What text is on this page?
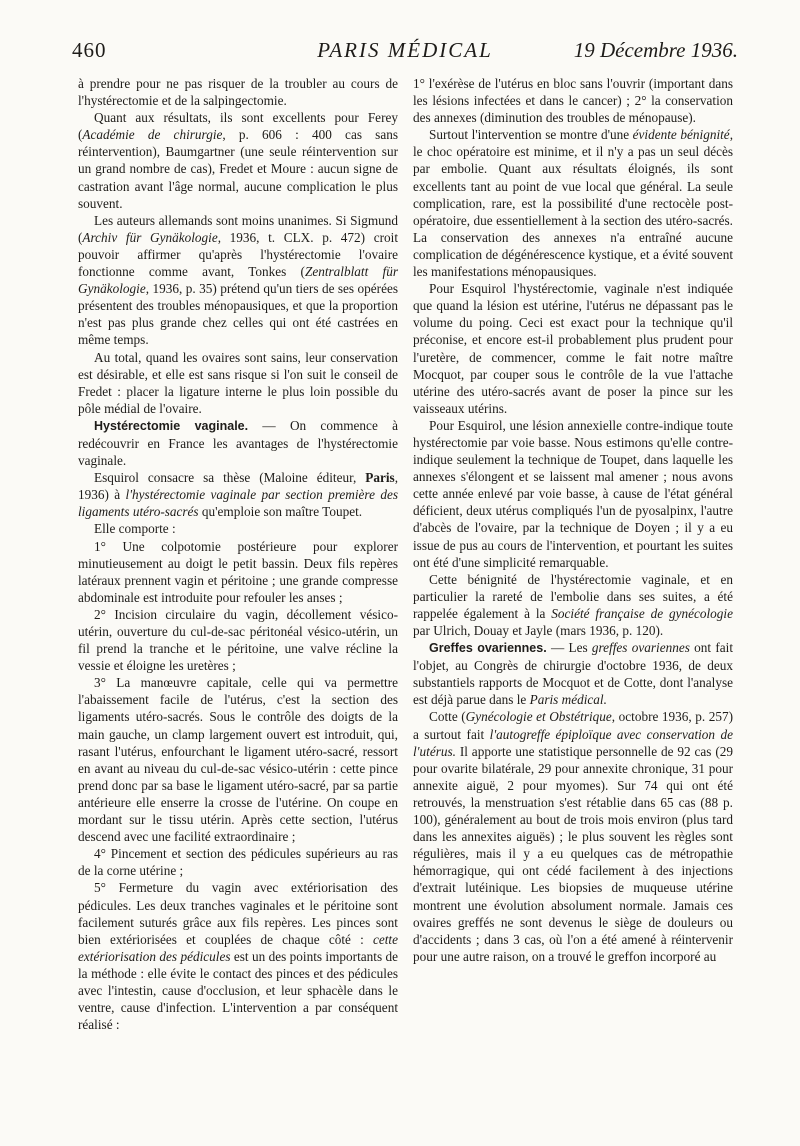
460	PARIS MÉDICAL	19 Décembre 1936.

à prendre pour ne pas risquer de la troubler au cours de l'hystérectomie et de la salpingectomie.

Quant aux résultats, ils sont excellents pour Ferey (Académie de chirurgie, p. 606 : 400 cas sans réintervention), Baumgartner (une seule réintervention sur un grand nombre de cas), Fredet et Moure : aucun signe de castration avant l'âge normal, aucune complication le plus souvent.

Les auteurs allemands sont moins unanimes. Si Sigmund (Archiv für Gynäkologie, 1936, t. CLX. p. 472) croit pouvoir affirmer qu'après l'hystérectomie l'ovaire fonctionne comme avant, Tonkes (Zentralblatt für Gynäkologie, 1936, p. 35) prétend qu'un tiers de ses opérées présentent des troubles ménopausiques, et que la proportion n'est pas plus grande chez celles qui ont été castrées en même temps.

Au total, quand les ovaires sont sains, leur conservation est désirable, et elle est sans risque si l'on suit le conseil de Fredet : placer la ligature interne le plus loin possible du pôle médial de l'ovaire.

Hystérectomie vaginale. — On commence à redécouvrir en France les avantages de l'hystérectomie vaginale.

Esquirol consacre sa thèse (Maloine éditeur, Paris, 1936) à l'hystérectomie vaginale par section première des ligaments utéro-sacrés qu'emploie son maître Toupet.

Elle comporte :

1° Une colpotomie postérieure pour explorer minutieusement au doigt le petit bassin. Deux fils repères latéraux prennent vagin et péritoine ; une grande compresse abdominale est introduite pour refouler les anses ;

2° Incision circulaire du vagin, décollement vésico-utérin, ouverture du cul-de-sac péritonéal vésico-utérin, un fil prend la tranche et le péritoine, une valve récline la vessie et éloigne les uretères ;

3° La manœuvre capitale, celle qui va permettre l'abaissement facile de l'utérus, c'est la section des ligaments utéro-sacrés. Sous le contrôle des doigts de la main gauche, un clamp largement ouvert est introduit, qui, rasant l'utérus, enfourchant le ligament utéro-sacré, ressort en avant au niveau du cul-de-sac vésico-utérin : cette pince prend donc par sa base le ligament utéro-sacré, par sa partie antérieure elle enserre la crosse de l'utérine. On coupe en mordant sur le tissu utérin. Après cette section, l'utérus descend avec une facilité extraordinaire ;

4° Pincement et section des pédicules supérieurs au ras de la corne utérine ;

5° Fermeture du vagin avec extériorisation des pédicules. Les deux tranches vaginales et le péritoine sont facilement suturés grâce aux fils repères. Les pinces sont bien extériorisées et couplées de chaque côté : cette extériorisation des pédicules est un des points importants de la méthode : elle évite le contact des pinces et des pédicules avec l'intestin, cause d'occlusion, et leur sphacèle dans le ventre, cause d'infection. L'intervention a par conséquent réalisé :

1° l'exérèse de l'utérus en bloc sans l'ouvrir (important dans les lésions infectées et dans le cancer) ; 2° la conservation des annexes (diminution des troubles de ménopause).

Surtout l'intervention se montre d'une évidente bénignité, le choc opératoire est minime, et il n'y a pas un seul décès par embolie. Quant aux résultats éloignés, ils sont excellents tant au point de vue local que général. La seule complication, rare, est la possibilité d'une rectocèle post-opératoire, due essentiellement à la section des utéro-sacrés. La conservation des annexes n'a entraîné aucune complication de dégénérescence kystique, et a évité souvent les manifestations ménopausiques.

Pour Esquirol l'hystérectomie, vaginale n'est indiquée que quand la lésion est utérine, l'utérus ne dépassant pas le volume du poing. Ceci est exact pour la technique qu'il préconise, et encore est-il probablement plus prudent pour l'uretère, de commencer, comme le fait notre maître Mocquot, par couper sous le contrôle de la vue l'attache utérine des utéro-sacrés avant de poser la pince sur les vaisseaux utérins.

Pour Esquirol, une lésion annexielle contre-indique toute hystérectomie par voie basse. Nous estimons qu'elle contre-indique seulement la technique de Toupet, dans laquelle les annexes s'élongent et se laissent mal amener ; nous avons cette année enlevé par voie basse, à cause de l'état général déficient, deux utérus compliqués l'un de pyosalpinx, l'autre d'abcès de l'ovaire, par la technique de Doyen ; il y a eu issue de pus au cours de l'intervention, et pourtant les suites ont été d'une simplicité remarquable.

Cette bénignité de l'hystérectomie vaginale, et en particulier la rareté de l'embolie dans ses suites, a été rappelée également à la Société française de gynécologie par Ulrich, Douay et Jayle (mars 1936, p. 120).

Greffes ovariennes. — Les greffes ovariennes ont fait l'objet, au Congrès de chirurgie d'octobre 1936, de deux substantiels rapports de Mocquot et de Cotte, dont l'analyse est déjà parue dans le Paris médical.

Cotte (Gynécologie et Obstétrique, octobre 1936, p. 257) a surtout fait l'autogreffe épiploïque avec conservation de l'utérus. Il apporte une statistique personnelle de 92 cas (29 pour ovarite bilatérale, 29 pour annexite chronique, 31 pour annexite aiguë, 2 pour myomes). Sur 74 qui ont été retrouvés, la menstruation s'est rétablie dans 65 cas (88 p. 100), généralement au bout de trois mois environ (plus tard dans les annexites aiguës) ; le plus souvent les règles sont régulières, mais il y a eu quelques cas de métropathie hémorragique, qui ont cédé facilement à des injections d'extrait lutéinique. Les biopsies de muqueuse utérine montrent une évolution absolument normale. Jamais ces ovaires greffés ne sont devenus le siège de douleurs ou d'accidents ; dans 3 cas, où l'on a été amené à réintervenir pour une autre raison, on a trouvé le greffon incorporé au
